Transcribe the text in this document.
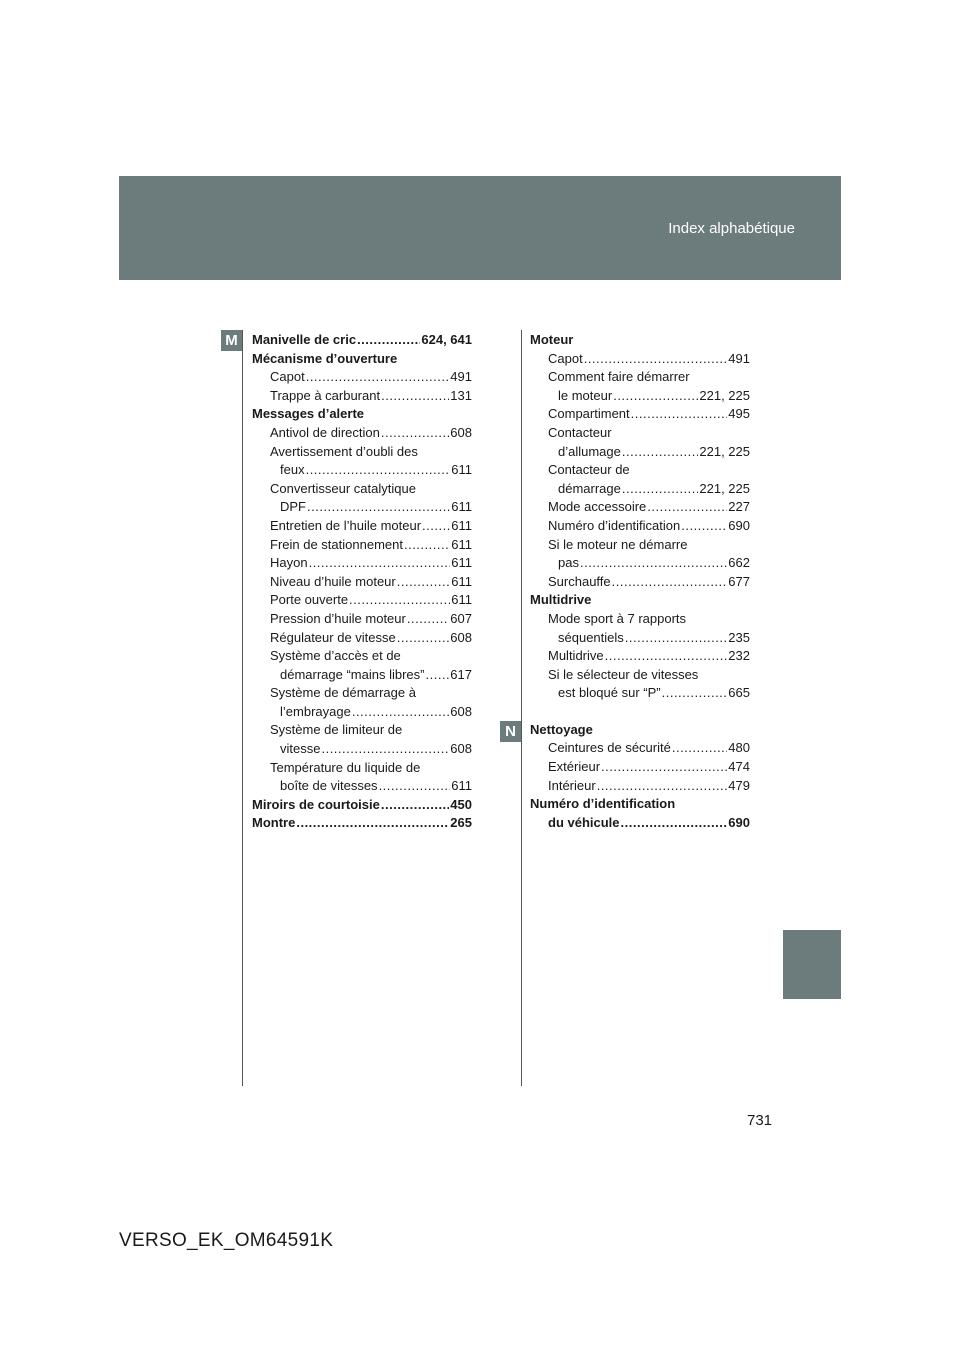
Index alphabétique
M
N
Manivelle de cric .....	624, 641
Mécanisme d’ouverture
Capot .....	491
Trappe à carburant .....	131
Messages d’alerte
Antivol de direction .....	608
Avertissement d’oubli des
feux .....	611
Convertisseur catalytique
DPF .....	611
Entretien de l’huile moteur ..... 611
Frein de stationnement .....	611
Hayon .....	611
Niveau d’huile moteur .....	611
Porte ouverte .....	611
Pression d’huile moteur .....	607
Régulateur de vitesse .....	608
Système d’accès et de
démarrage “mains libres” ..... 617
Système de démarrage à
l’embrayage .....	608
Système de limiteur de
vitesse .....	608
Température du liquide de
boîte de vitesses .....	611
Miroirs de courtoisie .....	450
Montre .....	265
Moteur
Capot .....	491
Comment faire démarrer
le moteur .....	221, 225
Compartiment .....	495
Contacteur
d’allumage .....	221, 225
Contacteur de
démarrage .....	221, 225
Mode accessoire .....	227
Numéro d’identification .....	690
Si le moteur ne démarre
pas .....	662
Surchauffe .....	677
Multidrive
Mode sport à 7 rapports
séquentiels .....	235
Multidrive .....	232
Si le sélecteur de vitesses
est bloqué sur “P” .....	665
Nettoyage
Ceintures de sécurité .....	480
Extérieur .....	474
Intérieur .....	479
Numéro d’identification
du véhicule .....	690
731
VERSO_EK_OM64591K
